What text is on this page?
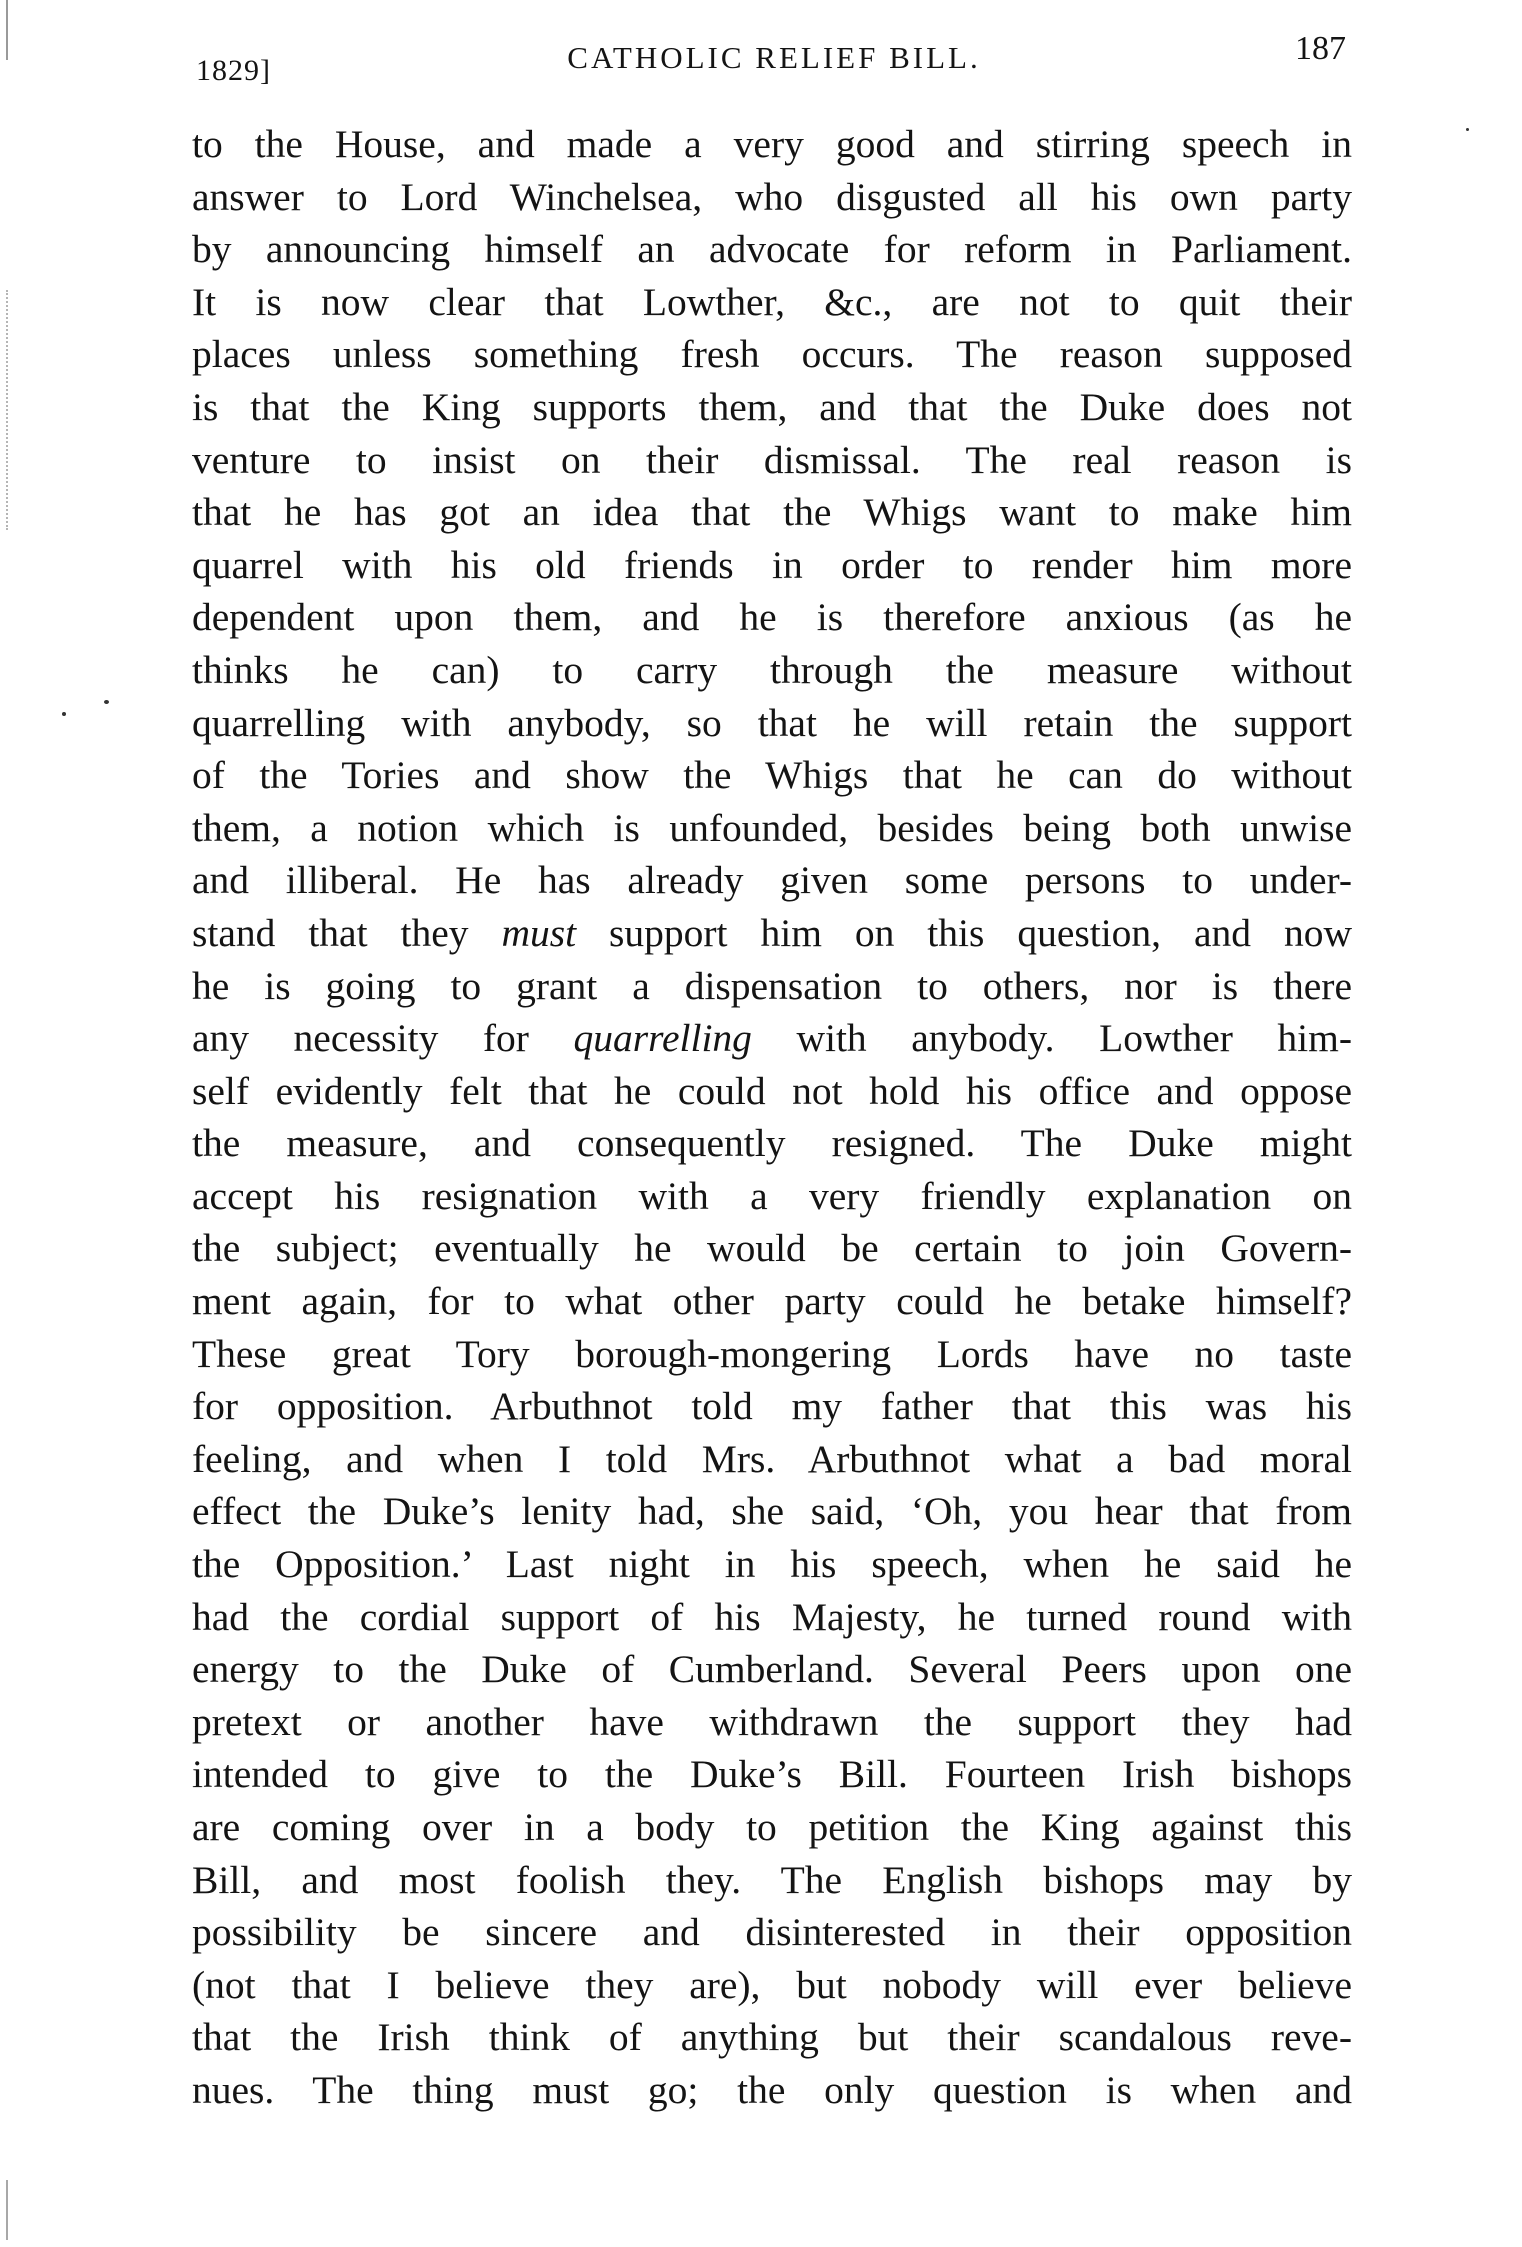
1829]	CATHOLIC RELIEF BILL.	187
to the House, and made a very good and stirring speech in
answer to Lord Winchelsea, who disgusted all his own party
by announcing himself an advocate for reform in Parliament.
It is now clear that Lowther, &c., are not to quit their
places unless something fresh occurs. The reason supposed
is that the King supports them, and that the Duke does not
venture to insist on their dismissal. The real reason is
that he has got an idea that the Whigs want to make him
quarrel with his old friends in order to render him more
dependent upon them, and he is therefore anxious (as he
thinks he can) to carry through the measure without
quarrelling with anybody, so that he will retain the support
of the Tories and show the Whigs that he can do without
them, a notion which is unfounded, besides being both unwise
and illiberal. He has already given some persons to under-
stand that they must support him on this question, and now
he is going to grant a dispensation to others, nor is there
any necessity for quarrelling with anybody. Lowther him-
self evidently felt that he could not hold his office and oppose
the measure, and consequently resigned. The Duke might
accept his resignation with a very friendly explanation on
the subject; eventually he would be certain to join Govern-
ment again, for to what other party could he betake himself?
These great Tory borough-mongering Lords have no taste
for opposition. Arbuthnot told my father that this was his
feeling, and when I told Mrs. Arbuthnot what a bad moral
effect the Duke’s lenity had, she said, ‘Oh, you hear that from
the Opposition.’ Last night in his speech, when he said he
had the cordial support of his Majesty, he turned round with
energy to the Duke of Cumberland. Several Peers upon one
pretext or another have withdrawn the support they had
intended to give to the Duke’s Bill. Fourteen Irish bishops
are coming over in a body to petition the King against this
Bill, and most foolish they. The English bishops may by
possibility be sincere and disinterested in their opposition
(not that I believe they are), but nobody will ever believe
that the Irish think of anything but their scandalous reve-
nues. The thing must go; the only question is when and
